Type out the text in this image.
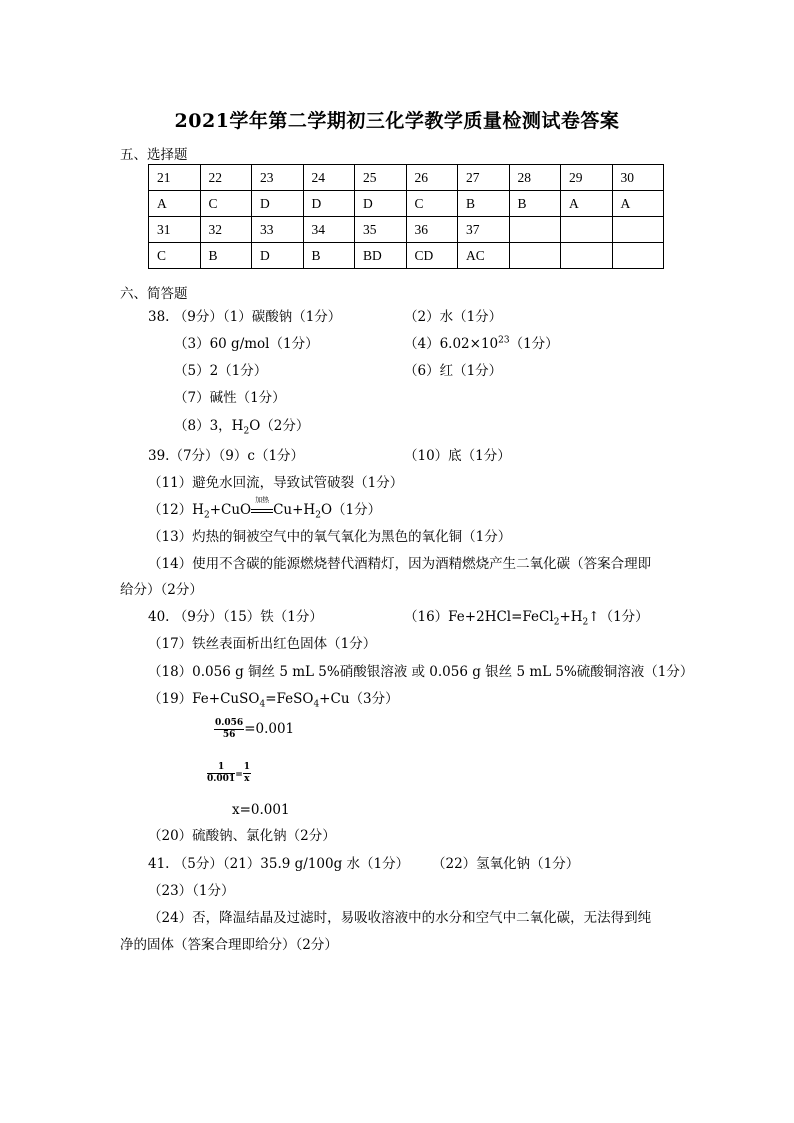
2021学年第二学期初三化学教学质量检测试卷答案
五、选择题
21	22	23	24	25	26	27	28	29	30
A	C	D	D	D	C	B	B	A	A
31	32	33	34	35	36	37			
C	B	D	B	BD	CD	AC			
六、简答题
38. （9分）（1）碳酸钠（1分）	（2）水（1分）
（3）60 g/mol（1分）	$(4)6.02\times 10^{23}(1$分）
（5）2（1分）	（6）红（1分）
（7）碱性（1分）
（8）3，$H_2O(2$分）
39.（7分）（9）c（1分）	（10）底（1分）
（11）避免水回流，导致试管破裂（1分）
$(12)H_2+CuO$
加热
$Cu+H_2O(1$分）
（13）灼热的铜被空气中的氧气氧化为黑色的氧化铜（1分）
（14）使用不含碳的能源燃烧替代酒精灯，因为酒精燃烧产生二氧化碳（答案合理即
给分）（2分）
40. （9分）（15）铁（1分）	$(16)Fe+2HCl=FeCl_2+H_2↑(1$分）
（17）铁丝表面析出红色固体（1分）
（18）0.056 g 铜丝 5 mL 5%硝酸银溶液 或 0.056 g 银丝 5 mL 5%硫酸铜溶液（1分）
（19）Fe+CuSO$_4$=FeSO$_4$+Cu（3分）
$\frac{0.056}{56} =0.001$
$\frac{1}{0.001} = \frac{1}{x}$
x=0.001
（20）硫酸钠、氯化钠（2分）
41. （5分）（21）35.9 g/100g 水（1分） （22）氢氧化钠（1分）
（23）（1分）
（24）否，降温结晶及过滤时，易吸收溶液中的水分和空气中二氧化碳，无法得到纯
净的固体（答案合理即给分）（2分）
